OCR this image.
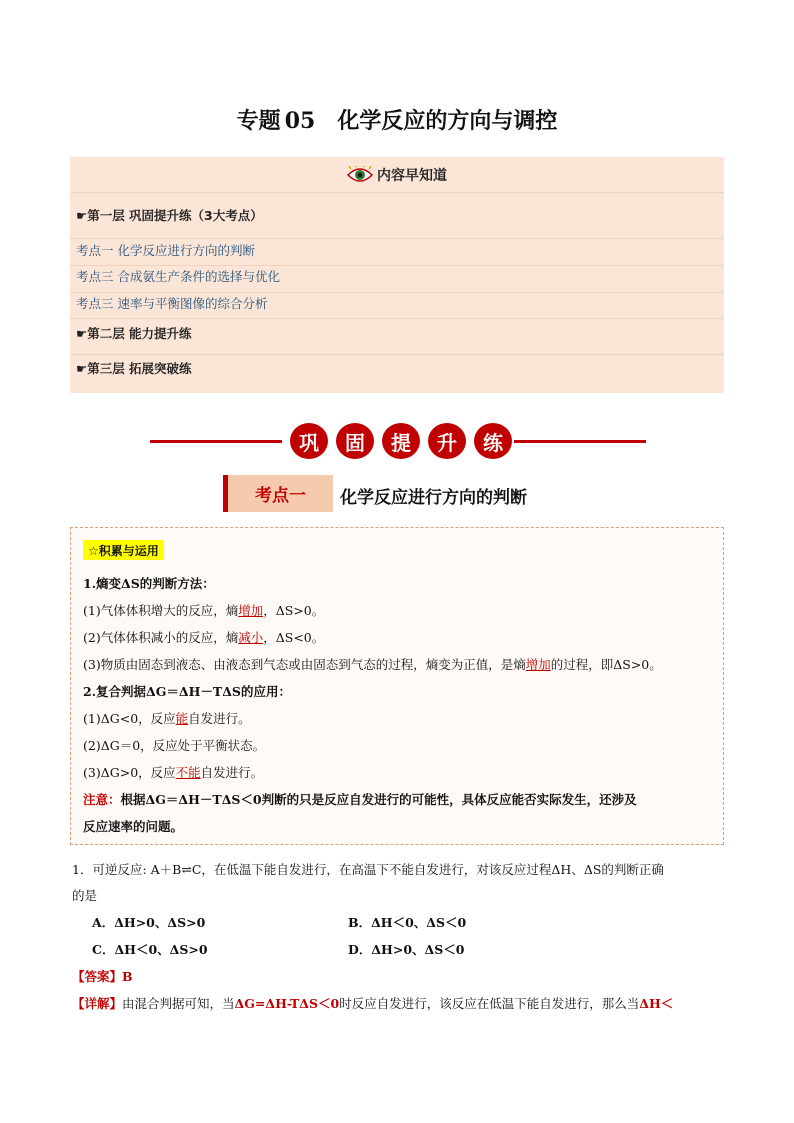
专题 05 化学反应的方向与调控
内容早知道
☛第一层 巩固提升练（3大考点）
考点一 化学反应进行方向的判断
考点三 合成氨生产条件的选择与优化
考点三 速率与平衡图像的综合分析
☛第二层 能力提升练
☛第三层 拓展突破练
巩	固	提	升	练
考点一	化学反应进行方向的判断
☆积累与运用
1.熵变ΔS的判断方法：
(1)气体体积增大的反应，熵增加，ΔS>0。
(2)气体体积减小的反应，熵减小，ΔS<0。
(3)物质由固态到液态、由液态到气态或由固态到气态的过程，熵变为正值，是熵增加的过程，即ΔS>0。
2.复合判据ΔG＝ΔH－TΔS的应用：
(1)ΔG<0，反应能自发进行。
(2)ΔG＝0，反应处于平衡状态。
(3)ΔG>0，反应不能自发进行。
注意：根据ΔG＝ΔH－TΔS＜0判断的只是反应自发进行的可能性，具体反应能否实际发生，还涉及
反应速率的问题。
1．可逆反应: A＋B⇌C，在低温下能自发进行，在高温下不能自发进行，对该反应过程ΔH、ΔS的判断正确
的是
A．ΔH>0、ΔS>0	B．ΔH＜0、ΔS＜0
C．ΔH＜0、ΔS>0	D．ΔH>0、ΔS＜0
【答案】B
【详解】由混合判据可知，当ΔG=ΔH-TΔS＜0时反应自发进行，该反应在低温下能自发进行，那么当ΔH＜
